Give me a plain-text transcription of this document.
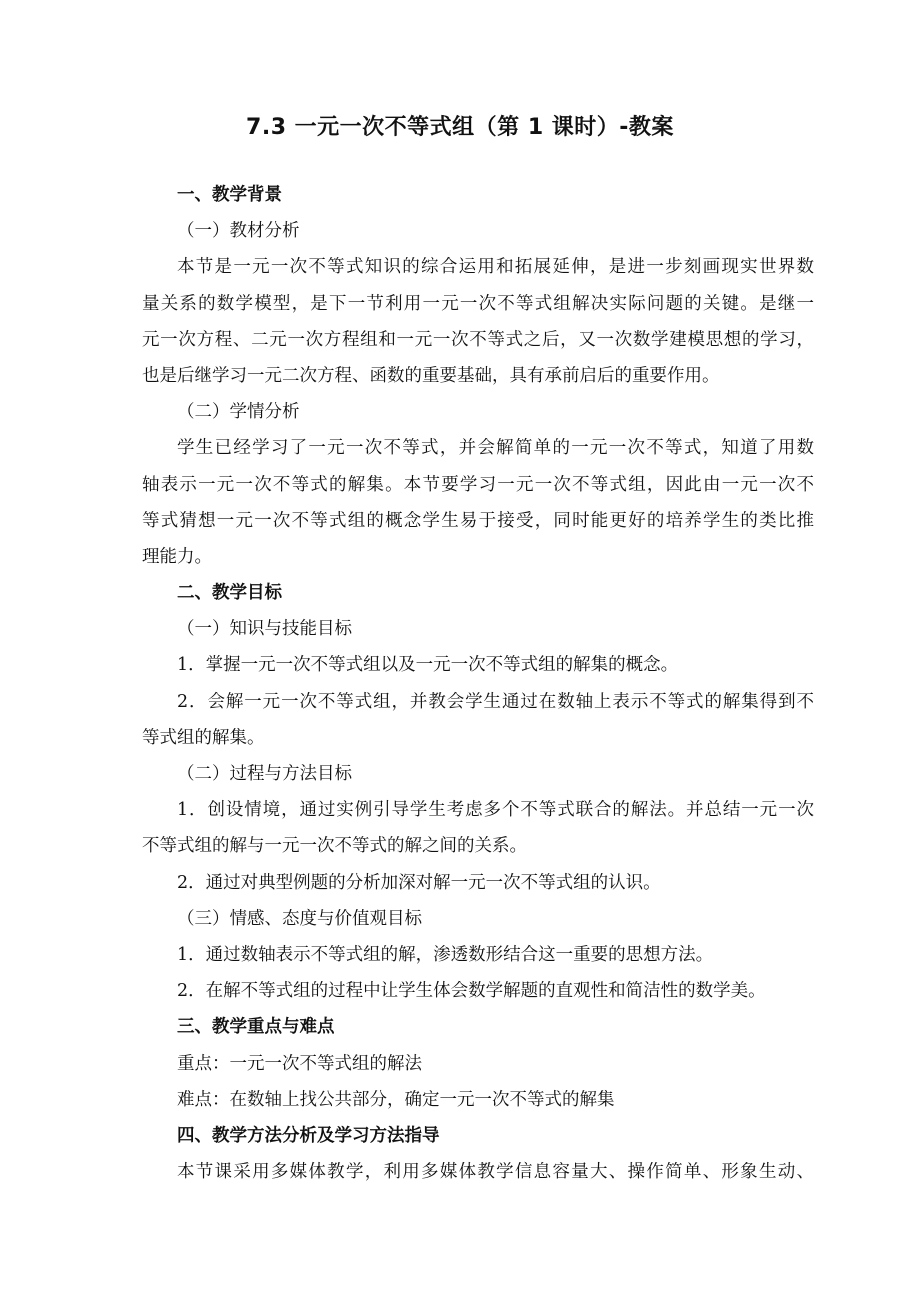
7.3 一元一次不等式组（第 1 课时）-教案
一、教学背景
（一）教材分析
本节是一元一次不等式知识的综合运用和拓展延伸，是进一步刻画现实世界数
量关系的数学模型，是下一节利用一元一次不等式组解决实际问题的关键。是继一
元一次方程、二元一次方程组和一元一次不等式之后，又一次数学建模思想的学习，
也是后继学习一元二次方程、函数的重要基础，具有承前启后的重要作用。
（二）学情分析
学生已经学习了一元一次不等式，并会解简单的一元一次不等式，知道了用数
轴表示一元一次不等式的解集。本节要学习一元一次不等式组，因此由一元一次不
等式猜想一元一次不等式组的概念学生易于接受，同时能更好的培养学生的类比推
理能力。
二、教学目标
（一）知识与技能目标
1．掌握一元一次不等式组以及一元一次不等式组的解集的概念。
2．会解一元一次不等式组，并教会学生通过在数轴上表示不等式的解集得到不
等式组的解集。
（二）过程与方法目标
1．创设情境，通过实例引导学生考虑多个不等式联合的解法。并总结一元一次
不等式组的解与一元一次不等式的解之间的关系。
2．通过对典型例题的分析加深对解一元一次不等式组的认识。
（三）情感、态度与价值观目标
1．通过数轴表示不等式组的解，渗透数形结合这一重要的思想方法。
2．在解不等式组的过程中让学生体会数学解题的直观性和简洁性的数学美。
三、教学重点与难点
重点：一元一次不等式组的解法
难点：在数轴上找公共部分，确定一元一次不等式的解集
四、教学方法分析及学习方法指导
本节课采用多媒体教学，利用多媒体教学信息容量大、操作简单、形象生动、
